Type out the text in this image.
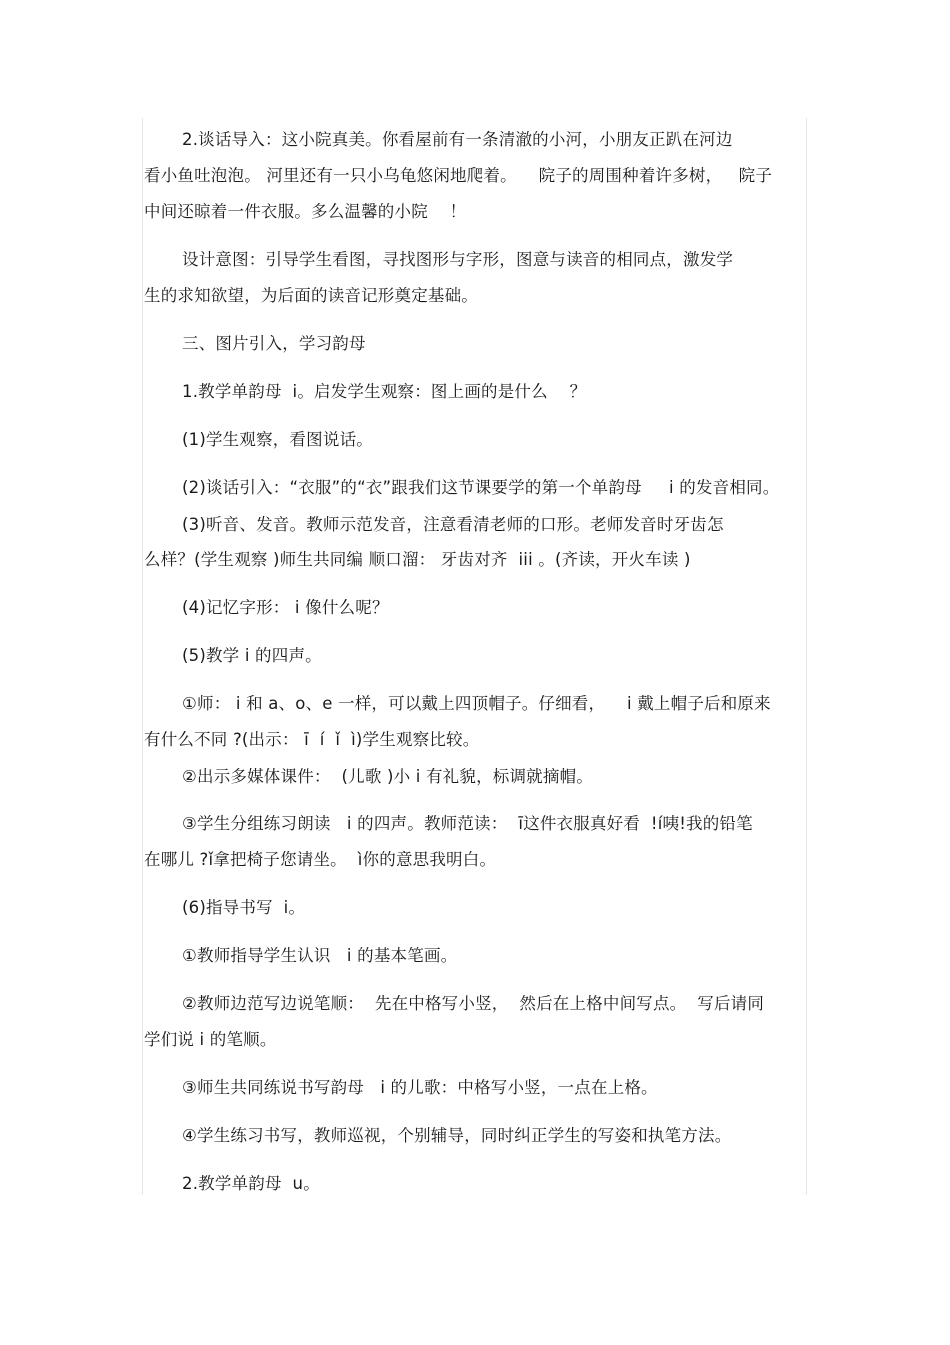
2.谈话导入：这小院真美。你看屋前有一条清澈的小河，小朋友正趴在河边
看小鱼吐泡泡。 河里还有一只小乌龟悠闲地爬着。    院子的周围种着许多树，   院子
中间还晾着一件衣服。多么温馨的小院    ！
设计意图：引导学生看图，寻找图形与字形，图意与读音的相同点，激发学
生的求知欲望，为后面的读音记形奠定基础。
三、图片引入，学习韵母
1.教学单韵母  i。启发学生观察：图上画的是什么    ？
(1)学生观察，看图说话。
(2)谈话引入：“衣服”的“衣”跟我们这节课要学的第一个单韵母     i 的发音相同。
(3)听音、发音。教师示范发音，注意看清老师的口形。老师发音时牙齿怎
么样？(学生观察 )师生共同编 顺口溜： 牙齿对齐  iii 。(齐读，开火车读 )
(4)记忆字形： i 像什么呢？
(5)教学 i 的四声。
①师： i 和 a、o、e 一样，可以戴上四顶帽子。仔细看，    i 戴上帽子后和原来
有什么不同 ?(出示： ī  í  ǐ  ì)学生观察比较。
②出示多媒体课件：  (儿歌 )小 i 有礼貌，标调就摘帽。
③学生分组练习朗读   i 的四声。教师范读：  ī这件衣服真好看  !í咦!我的铅笔
在哪儿 ?ǐ拿把椅子您请坐。  ì你的意思我明白。
(6)指导书写  i。
①教师指导学生认识   i 的基本笔画。
②教师边范写边说笔顺：  先在中格写小竖，  然后在上格中间写点。  写后请同
学们说 i 的笔顺。
③师生共同练说书写韵母   i 的儿歌：中格写小竖，一点在上格。
④学生练习书写，教师巡视，个别辅导，同时纠正学生的写姿和执笔方法。
2.教学单韵母  u。
